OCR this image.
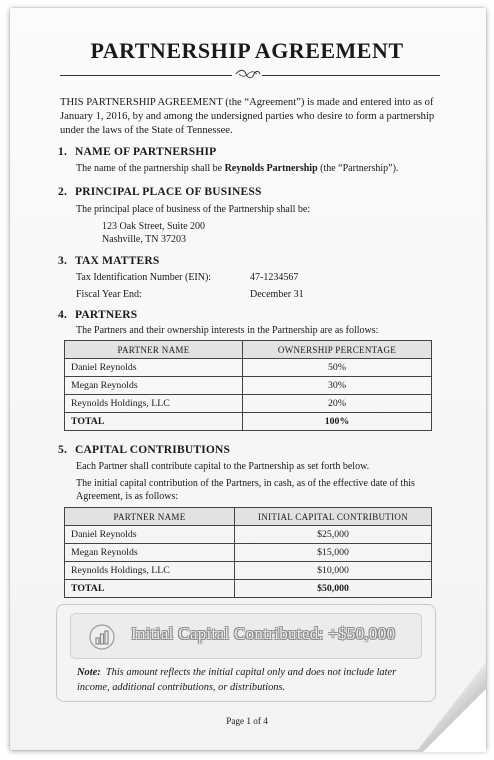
PARTNERSHIP AGREEMENT
THIS PARTNERSHIP AGREEMENT (the “Agreement”) is made and entered into as of January 1, 2016, by and among the undersigned parties who desire to form a partnership under the laws of the State of Tennessee.
1. NAME OF PARTNERSHIP
The name of the partnership shall be Reynolds Partnership (the “Partnership”).
2. PRINCIPAL PLACE OF BUSINESS
The principal place of business of the Partnership shall be:
123 Oak Street, Suite 200
Nashville, TN 37203
3. TAX MATTERS
Tax Identification Number (EIN):	47-1234567
Fiscal Year End:	December 31
4. PARTNERS
The Partners and their ownership interests in the Partnership are as follows:
PARTNER NAME	OWNERSHIP PERCENTAGE
Daniel Reynolds	50%
Megan Reynolds	30%
Reynolds Holdings, LLC	20%
TOTAL	100%
5. CAPITAL CONTRIBUTIONS
Each Partner shall contribute capital to the Partnership as set forth below.
The initial capital contribution of the Partners, in cash, as of the effective date of this Agreement, is as follows:
PARTNER NAME	INITIAL CAPITAL CONTRIBUTION
Daniel Reynolds	$25,000
Megan Reynolds	$15,000
Reynolds Holdings, LLC	$10,000
TOTAL	$50,000
Initial Capital Contributed: +$50,000
Note: This amount reflects the initial capital only and does not include later income, additional contributions, or distributions.
Page 1 of 4
